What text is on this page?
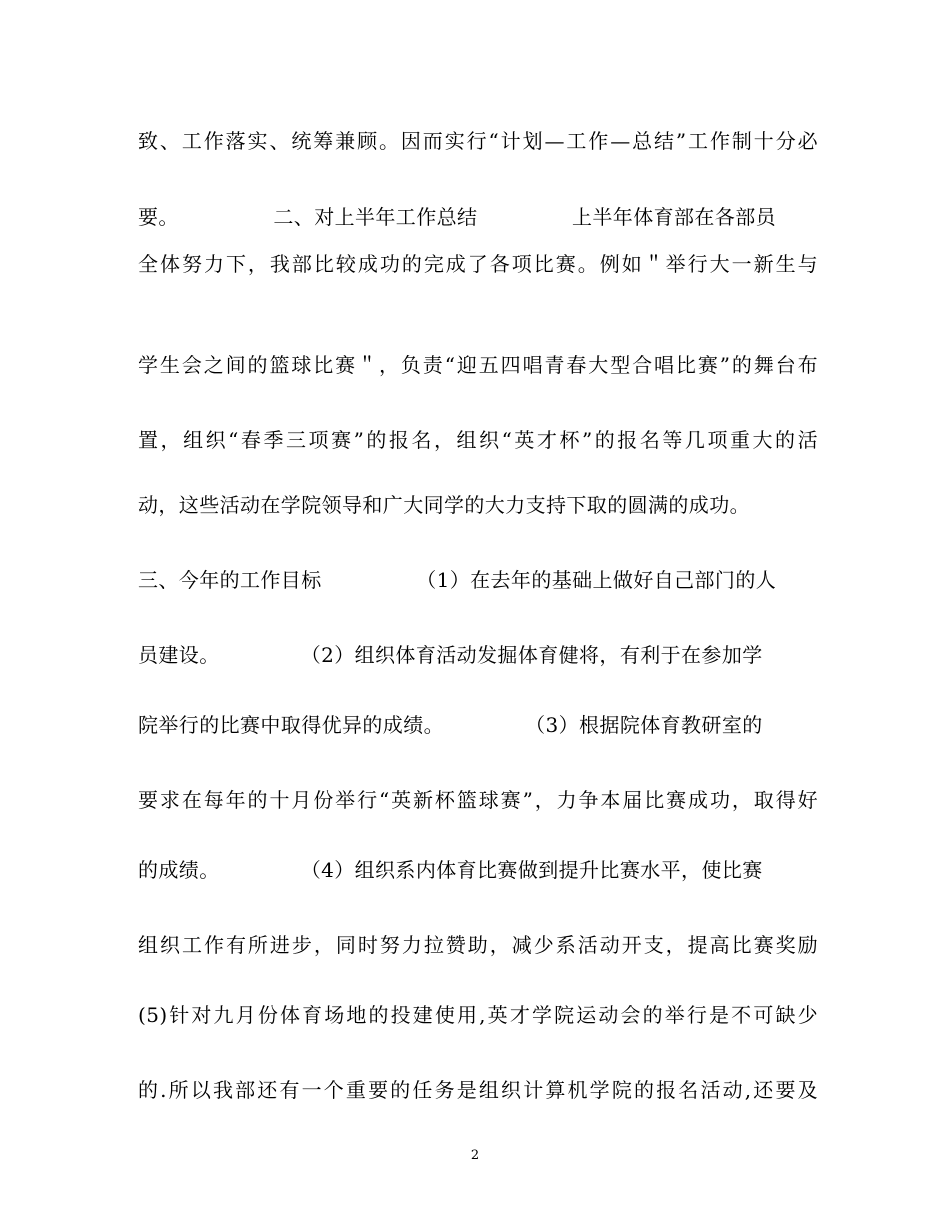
致、工作落实、统筹兼顾。因而实行“计划—工作—总结”工作制十分必
要。              二、对上半年工作总结              上半年体育部在各部员
全体努力下，我部比较成功的完成了各项比赛。例如＂举行大一新生与
学生会之间的篮球比赛＂，负责“迎五四唱青春大型合唱比赛”的舞台布
置，组织“春季三项赛”的报名，组织“英才杯”的报名等几项重大的活
动，这些活动在学院领导和广大同学的大力支持下取的圆满的成功。
三、今年的工作目标              （1）在去年的基础上做好自己部门的人
员建设。            （2）组织体育活动发掘体育健将，有利于在参加学
院举行的比赛中取得优异的成绩。            （3）根据院体育教研室的
要求在每年的十月份举行“英新杯篮球赛”，力争本届比赛成功，取得好
的成绩。            （4）组织系内体育比赛做到提升比赛水平，使比赛
组织工作有所进步，同时努力拉赞助，减少系活动开支，提高比赛奖励
(5)针对九月份体育场地的投建使用,英才学院运动会的举行是不可缺少
的.所以我部还有一个重要的任务是组织计算机学院的报名活动,还要及
2
